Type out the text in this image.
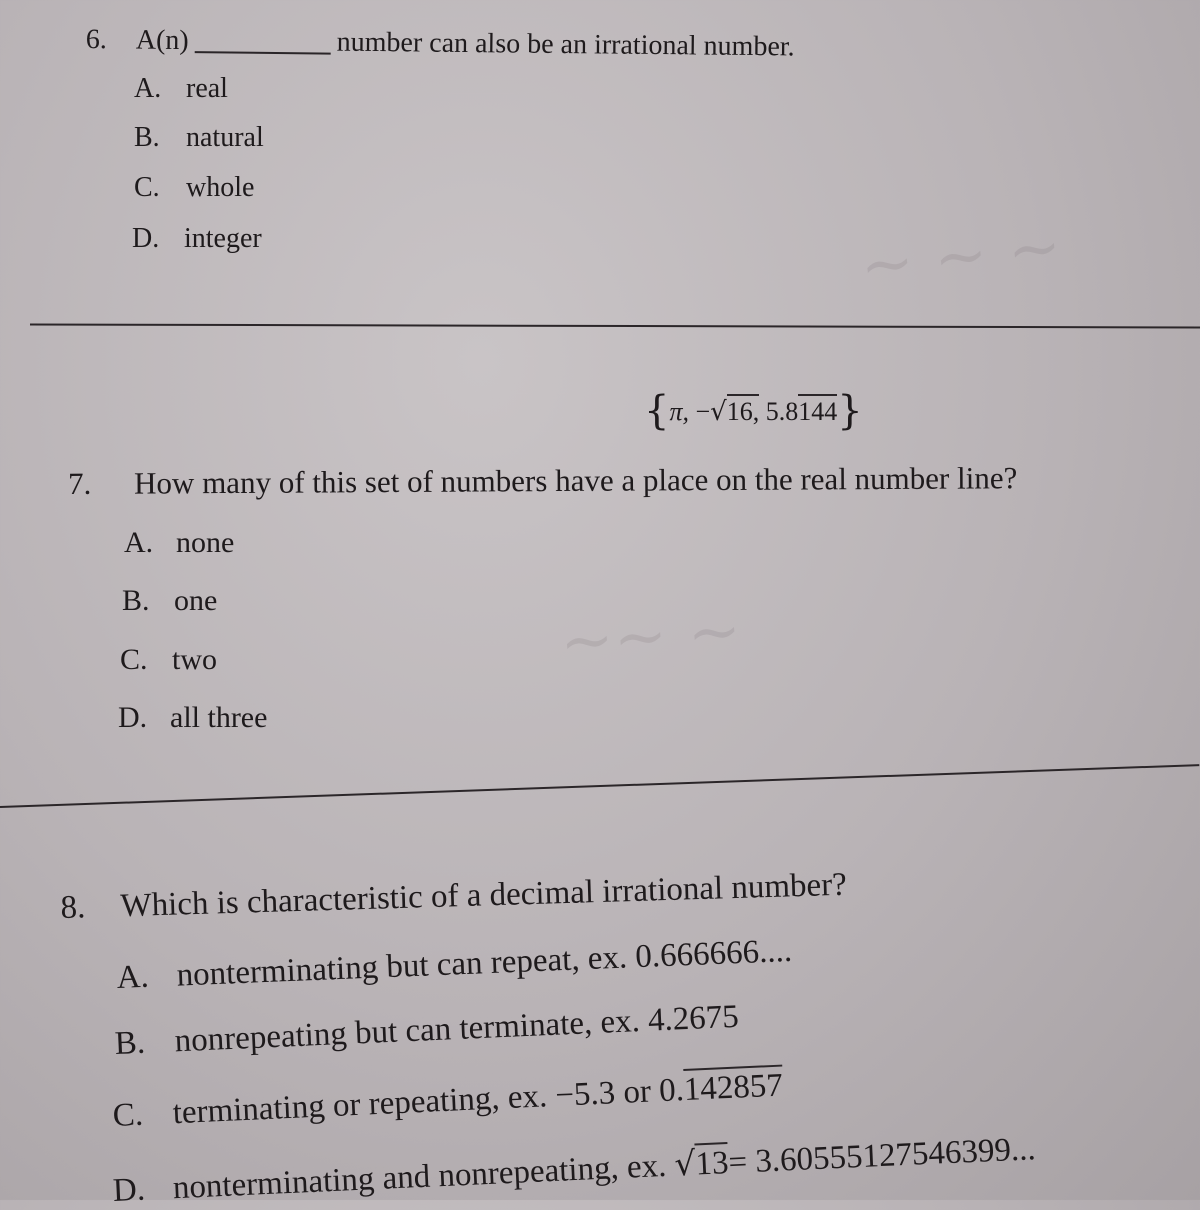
~ ~ ~
~~ ~
6. A(n)	number can also be an irrational number.
A. real
B. natural
C. whole
D. integer
{π, −√16, 5.8144}
7. How many of this set of numbers have a place on the real number line?
A. none
B. one
C. two
D. all three
8. Which is characteristic of a decimal irrational number?
A. nonterminating but can repeat, ex. 0.666666....
B. nonrepeating but can terminate, ex. 4.2675
C. terminating or repeating, ex. −5.3 or 0.142857
D. nonterminating and nonrepeating, ex. √13= 3.60555127546399...
